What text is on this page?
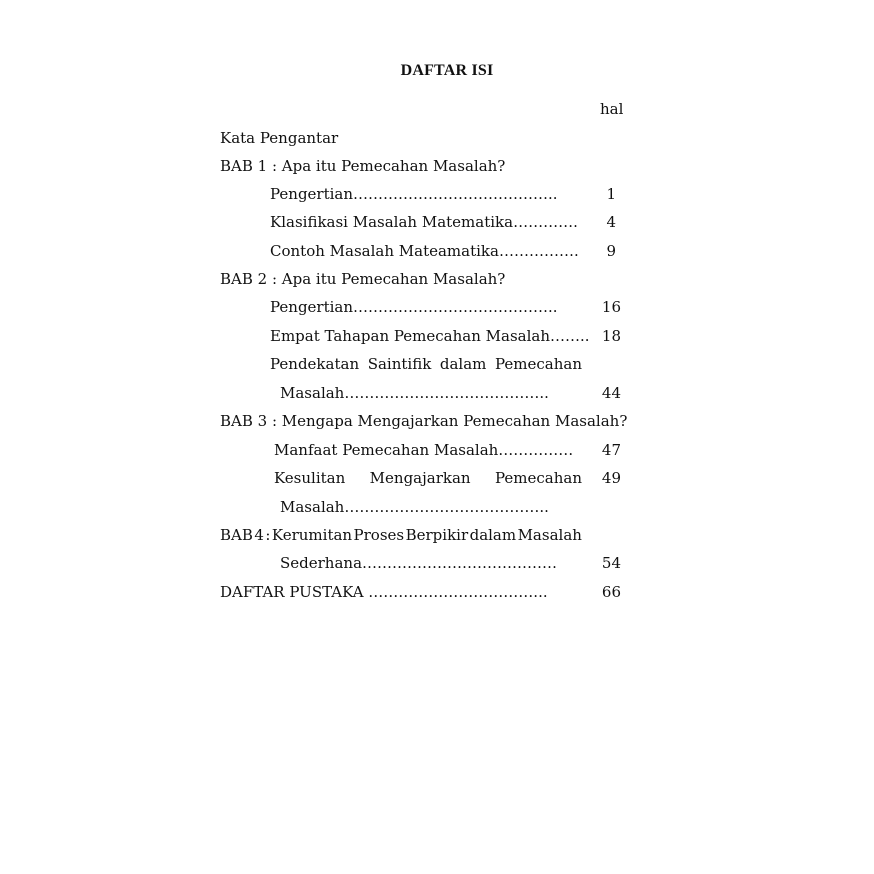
DAFTAR ISI
hal
Kata Pengantar
BAB 1 : Apa itu Pemecahan Masalah?
Pengertian…………………………………..	1
Klasifikasi Masalah Matematika………….	4
Contoh Masalah Mateamatika…………….	9
BAB 2 : Apa itu Pemecahan Masalah?
Pengertian…………………………………..	16
Empat Tahapan Pemecahan Masalah…….. 18
Pendekatan Saintifik dalam Pemecahan
Masalah…………………………………..	44
BAB 3 : Mengapa Mengajarkan Pemecahan Masalah?
Manfaat Pemecahan Masalah……………	47
Kesulitan Mengajarkan Pemecahan	49
Masalah…………………………………..
BAB 4 : Kerumitan Proses Berpikir dalam Masalah
Sederhana…………………………………	54
DAFTAR PUSTAKA ……………………………...	66
